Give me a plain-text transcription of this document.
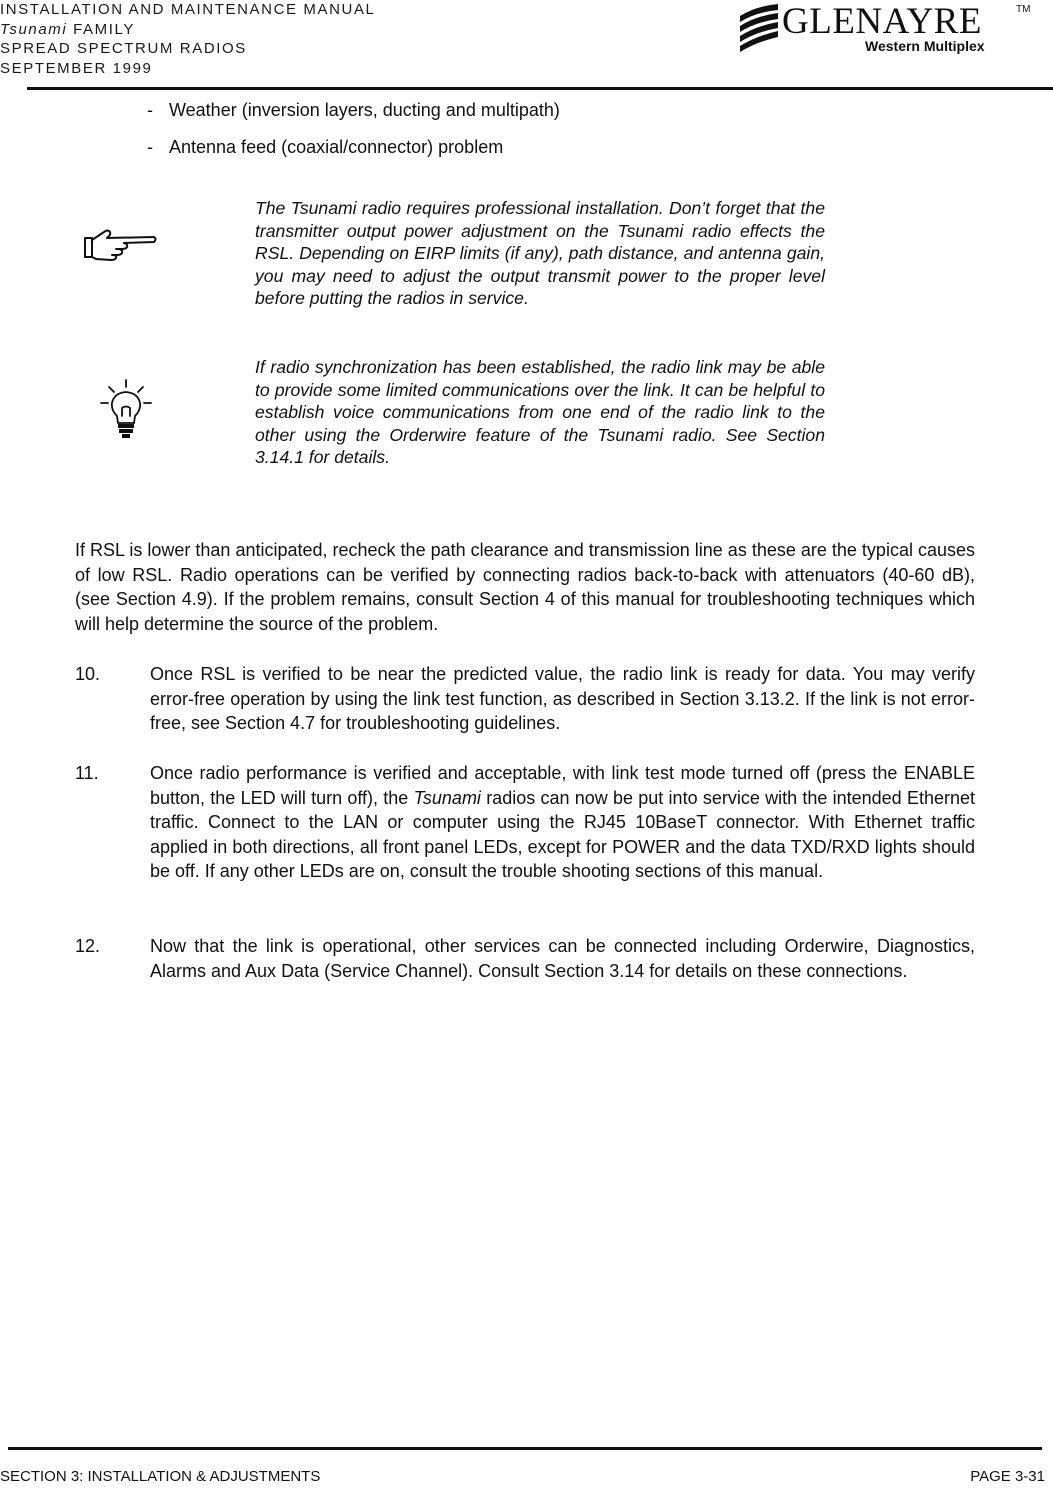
INSTALLATION AND MAINTENANCE MANUAL
Tsunami FAMILY
SPREAD SPECTRUM RADIOS
SEPTEMBER 1999
GLENAYRE	TM
Western Multiplex
- Weather (inversion layers, ducting and multipath)
- Antenna feed (coaxial/connector) problem
The Tsunami radio requires professional installation. Don’t forget that the transmitter output power adjustment on the Tsunami radio effects the RSL. Depending on EIRP limits (if any), path distance, and antenna gain, you may need to adjust the output transmit power to the proper level before putting the radios in service.
If radio synchronization has been established, the radio link may be able to provide some limited communications over the link. It can be helpful to establish voice communications from one end of the radio link to the other using the Orderwire feature of the Tsunami radio. See Section 3.14.1 for details.
If RSL is lower than anticipated, recheck the path clearance and transmission line as these are the typical causes of low RSL. Radio operations can be verified by connecting radios back-to-back with attenuators (40-60 dB), (see Section 4.9). If the problem remains, consult Section 4 of this manual for troubleshooting techniques which will help determine the source of the problem.
10.	Once RSL is verified to be near the predicted value, the radio link is ready for data. You may verify error-free operation by using the link test function, as described in Section 3.13.2. If the link is not error-free, see Section 4.7 for troubleshooting guidelines.
11.	Once radio performance is verified and acceptable, with link test mode turned off (press the ENABLE button, the LED will turn off), the Tsunami radios can now be put into service with the intended Ethernet traffic. Connect to the LAN or computer using the RJ45 10BaseT connector. With Ethernet traffic applied in both directions, all front panel LEDs, except for POWER and the data TXD/RXD lights should be off. If any other LEDs are on, consult the trouble shooting sections of this manual.
12.	Now that the link is operational, other services can be connected including Orderwire, Diagnostics, Alarms and Aux Data (Service Channel). Consult Section 3.14 for details on these connections.
SECTION 3: INSTALLATION & ADJUSTMENTS	PAGE 3-31
